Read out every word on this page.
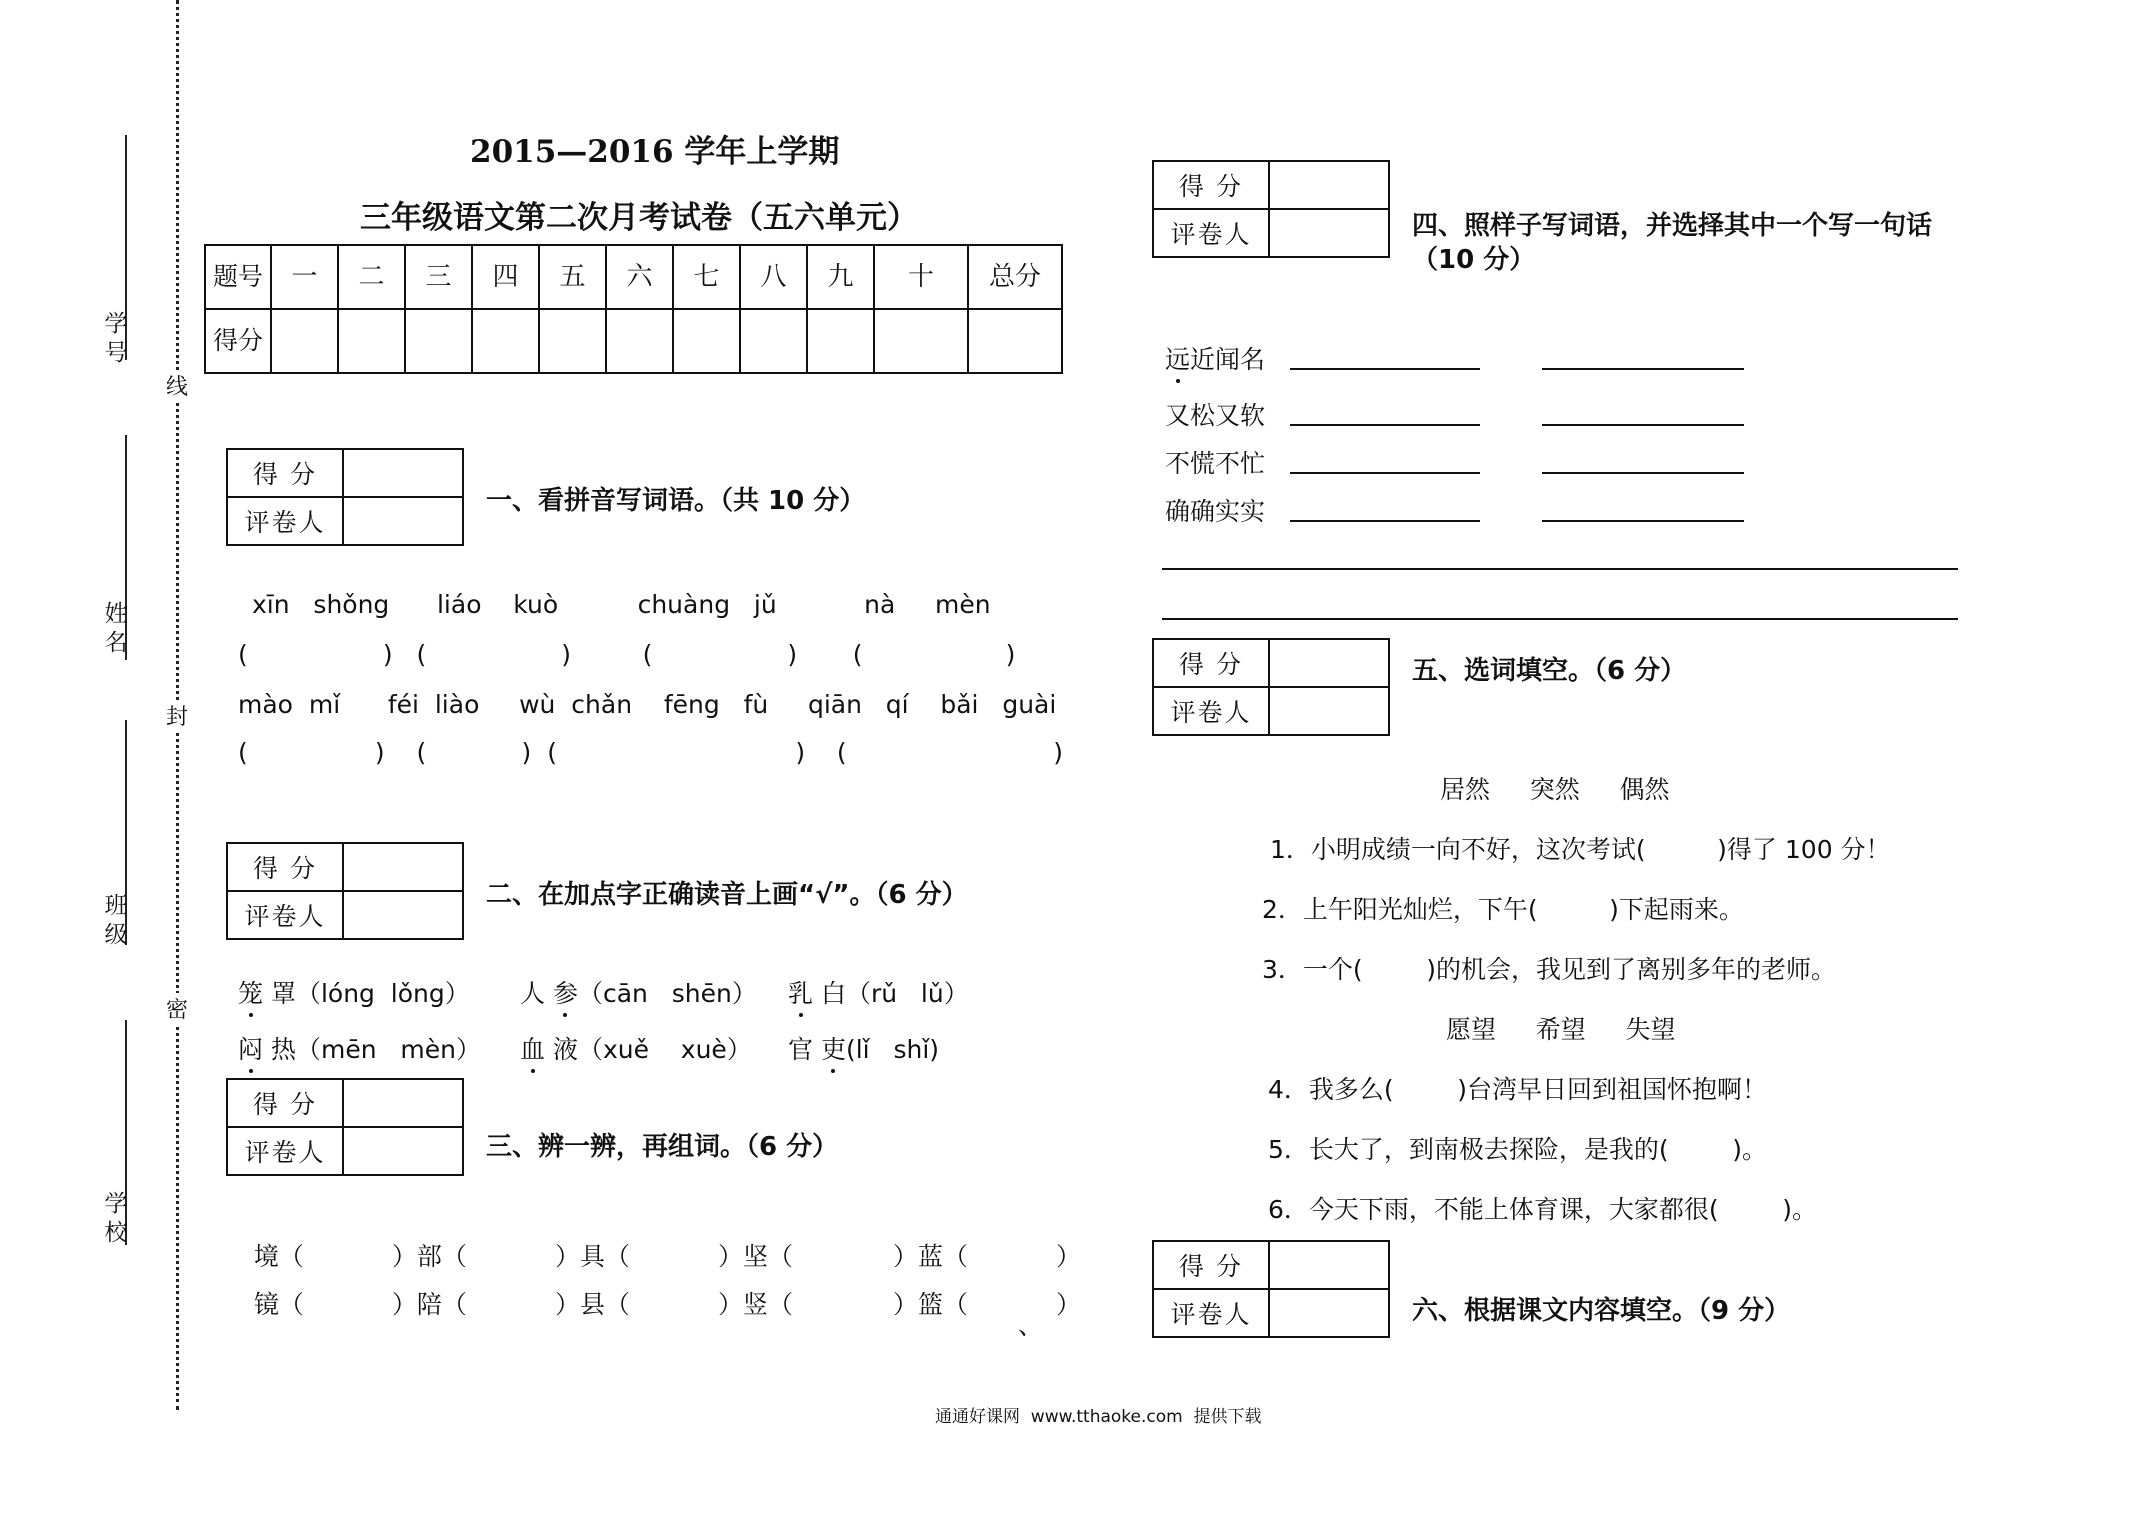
学号
姓名
班级
学校
线
封
密
2015—2016 学年上学期
三年级语文第二次月考试卷（五六单元）
题号	一	二	三	四	五	六	七	八	九	十	总分
得分											
得 分	
评卷人	
一、看拼音写词语。（共 10 分）
xīn   shǒng      liáo    kuò          chuàng   jǔ           nà     mèn
(                 )   (                 )         (                 )       (                  )
mào  mǐ      féi  liào     wù  chǎn    fēng   fù     qiān   qí    bǎi   guài
(                )    (            )  (                              )    (                          )
得 分	
评卷人	
二、在加点字正确读音上画“√”。（6 分）
笼 罩（lóng  lǒng） 人 参（cān   shēn） 乳 白（rǔ   lǔ）
闷 热（mēn   mèn） 血 液（xuě    xuè） 官 吏(lǐ   shǐ)
得 分	
评卷人		三、辨一辨，再组词。（6 分）

境（	）部（	）具（	）坚（	）蓝（	）

镜（	）陪（	）县（	）竖（	）篮（	）

、
得 分	
评卷人		四、照样子写词语，并选择其中一个写一句话（10 分）
远近闻名
又松又软
不慌不忙
确确实实
得 分	
评卷人	
五、选词填空。（6 分）
居然     突然     偶然
1．小明成绩一向不好，这次考试(         )得了 100 分！
2．上午阳光灿烂，下午(         )下起雨来。
3．一个(        )的机会，我见到了离别多年的老师。
愿望     希望     失望
4．我多么(        )台湾早日回到祖国怀抱啊！
5．长大了，到南极去探险，是我的(        )。
6．今天下雨，不能上体育课，大家都很(        )。
得 分	
评卷人		六、根据课文内容填空。（9 分）
通通好课网  www.tthaoke.com  提供下载
